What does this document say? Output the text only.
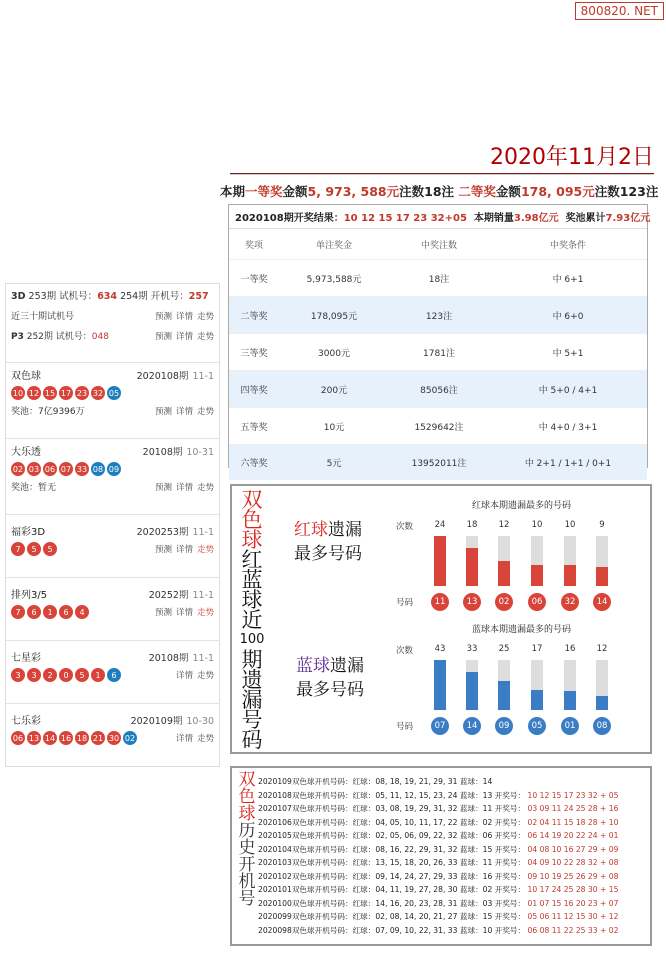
800820. NET
2020年11月2日
本期一等奖金额5, 973, 588元注数18注 二等奖金额178, 095元注数123注
2020108期开奖结果：10 12 15 17 23 32+05 本期销量3.98亿元 奖池累计7.93亿元
奖项	单注奖金	中奖注数	中奖条件
一等奖	5,973,588元	18注	中 6+1
二等奖	178,095元	123注	中 6+0
三等奖	3000元	1781注	中 5+1
四等奖	200元	85056注	中 5+0 / 4+1
五等奖	10元	1529642注	中 4+0 / 3+1
六等奖	5元	13952011注	中 2+1 / 1+1 / 0+1
3D 253期 试机号：634 254期 开机号：257
近三十期试机号	预测 详情 走势
P3 252期 试机号：048	预测 详情 走势
双色球	2020108期 11-1
10 12 15 17 23 32 05
奖池：7亿9396万	预测 详情 走势
大乐透	20108期 10-31
02 03 06 07 33 08 09
奖池：暂无	预测 详情 走势
福彩3D	2020253期 11-1
7	5	5	预测 详情 走势
排列3/5	20252期 11-1
7	6	1	6	4	预测 详情 走势
七星彩	20108期 11-1
3	3	2	0	5	1	6	详情 走势
七乐彩	2020109期 10-30
06 13 14 16 18 21 30 02	详情 走势
双
色
球
红
蓝
球
近
100
期
遗
漏
号
码
红球遗漏
最多号码
蓝球遗漏
最多号码
红球本期遗漏最多的号码
蓝球本期遗漏最多的号码
次数
号码
次数
号码
24
11
18
13
12
02
10
06
10
32
9
14
43
07
33
14
25
09
17
05
16
01
12
08
双
色
球
历
史
开
机
号
2020109双色球开机号码：红球：08, 18, 19, 21, 29, 31 蓝球：14
2020108双色球开机号码：红球：05, 11, 12, 15, 23, 24 蓝球：13 开奖号： 10 12 15 17 23 32 + 05
2020107双色球开机号码：红球：03, 08, 19, 29, 31, 32 蓝球：11 开奖号： 03 09 11 24 25 28 + 16
2020106双色球开机号码：红球：04, 05, 10, 11, 17, 22 蓝球：02 开奖号： 02 04 11 15 18 28 + 10
2020105双色球开机号码：红球：02, 05, 06, 09, 22, 32 蓝球：06 开奖号： 06 14 19 20 22 24 + 01
2020104双色球开机号码：红球：08, 16, 22, 29, 31, 32 蓝球：15 开奖号： 04 08 10 16 27 29 + 09
2020103双色球开机号码：红球：13, 15, 18, 20, 26, 33 蓝球：11 开奖号： 04 09 10 22 28 32 + 08
2020102双色球开机号码：红球：09, 14, 24, 27, 29, 33 蓝球：16 开奖号： 09 10 19 25 26 29 + 08
2020101双色球开机号码：红球：04, 11, 19, 27, 28, 30 蓝球：02 开奖号： 10 17 24 25 28 30 + 15
2020100双色球开机号码：红球：14, 16, 20, 23, 28, 31 蓝球：03 开奖号： 01 07 15 16 20 23 + 07
2020099双色球开机号码：红球：02, 08, 14, 20, 21, 27 蓝球：15 开奖号： 05 06 11 12 15 30 + 12
2020098双色球开机号码：红球：07, 09, 10, 22, 31, 33 蓝球：10 开奖号： 06 08 11 22 25 33 + 02
